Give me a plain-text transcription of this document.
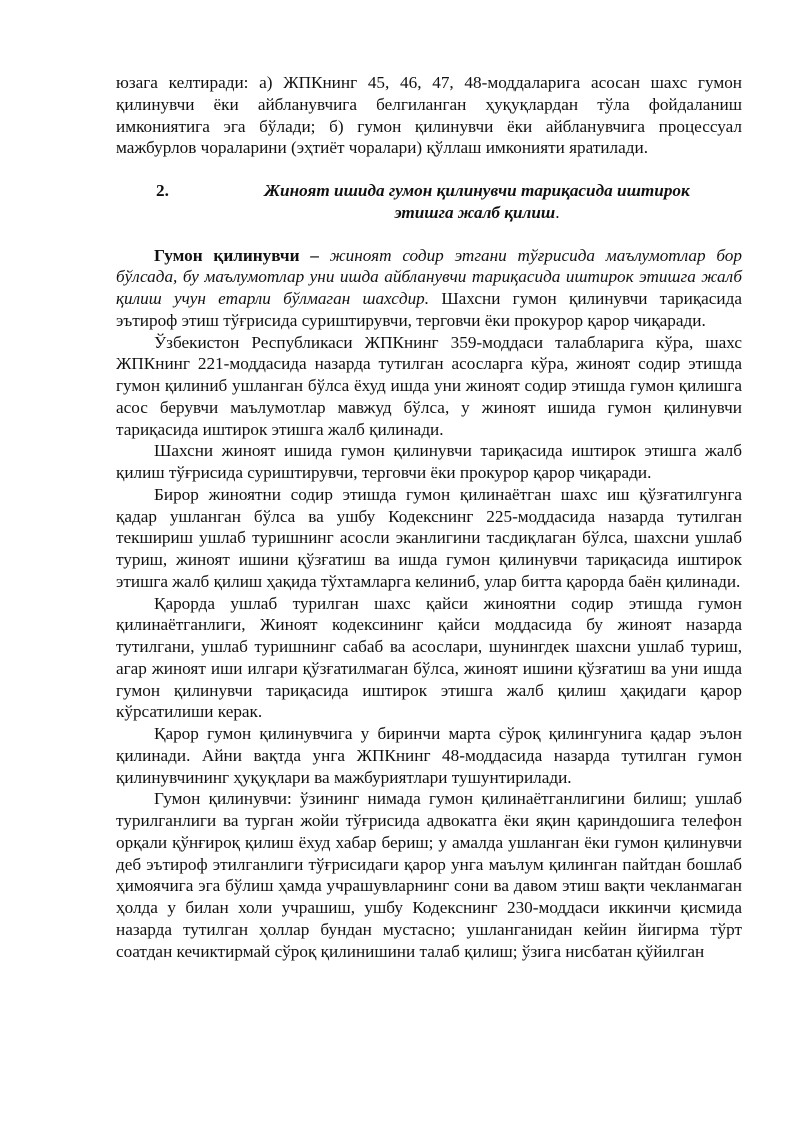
юзага келтиради: а) ЖПКнинг 45, 46, 47, 48-моддаларига асосан шахс гумон қилинувчи ёки айбланувчига белгиланган ҳуқуқлардан тўла фойдаланиш имкониятига эга бўлади; б) гумон қилинувчи ёки айбланувчига процессуал мажбурлов чораларини (эҳтиёт чоралари) қўллаш имконияти яратилади.

2.	Жиноят ишида гумон қилинувчи тариқасида иштирок этишга жалб қилиш.

Гумон қилинувчи – жиноят содир этгани тўғрисида маълумотлар бор бўлсада, бу маълумотлар уни ишда айбланувчи тариқасида иштирок этишга жалб қилиш учун етарли бўлмаган шахсдир. Шахсни гумон қилинувчи тариқасида эътироф этиш тўғрисида суриштирувчи, терговчи ёки прокурор қарор чиқаради.

Ўзбекистон Республикаси ЖПКнинг 359-моддаси талабларига кўра, шахс ЖПКнинг 221-моддасида назарда тутилган асосларга кўра, жиноят содир этишда гумон қилиниб ушланган бўлса ёхуд ишда уни жиноят содир этишда гумон қилишга асос берувчи маълумотлар мавжуд бўлса, у жиноят ишида гумон қилинувчи тариқасида иштирок этишга жалб қилинади.

Шахсни жиноят ишида гумон қилинувчи тариқасида иштирок этишга жалб қилиш тўғрисида суриштирувчи, терговчи ёки прокурор қарор чиқаради.

Бирор жиноятни содир этишда гумон қилинаётган шахс иш қўзғатилгунга қадар ушланган бўлса ва ушбу Кодекснинг 225-моддасида назарда тутилган текшириш ушлаб туришнинг асосли эканлигини тасдиқлаган бўлса, шахсни ушлаб туриш, жиноят ишини қўзғатиш ва ишда гумон қилинувчи тариқасида иштирок этишга жалб қилиш ҳақида тўхтамларга келиниб, улар битта қарорда баён қилинади.

Қарорда ушлаб турилган шахс қайси жиноятни содир этишда гумон қилинаётганлиги, Жиноят кодексининг қайси моддасида бу жиноят назарда тутилгани, ушлаб туришнинг сабаб ва асослари, шунингдек шахсни ушлаб туриш, агар жиноят иши илгари қўзғатилмаган бўлса, жиноят ишини қўзғатиш ва уни ишда гумон қилинувчи тариқасида иштирок этишга жалб қилиш ҳақидаги қарор кўрсатилиши керак.

Қарор гумон қилинувчига у биринчи марта сўроқ қилингунига қадар эълон қилинади. Айни вақтда унга ЖПКнинг 48-моддасида назарда тутилган гумон қилинувчининг ҳуқуқлари ва мажбуриятлари тушунтирилади.

Гумон қилинувчи: ўзининг нимада гумон қилинаётганлигини билиш; ушлаб турилганлиги ва турган жойи тўғрисида адвокатга ёки яқин қариндошига телефон орқали қўнғироқ қилиш ёхуд хабар бериш; у амалда ушланган ёки гумон қилинувчи деб эътироф этилганлиги тўғрисидаги қарор унга маълум қилинган пайтдан бошлаб ҳимоячига эга бўлиш ҳамда учрашувларнинг сони ва давом этиш вақти чекланмаган ҳолда у билан холи учрашиш, ушбу Кодекснинг 230-моддаси иккинчи қисмида назарда тутилган ҳоллар бундан мустасно; ушланганидан кейин йигирма тўрт соатдан кечиктирмай сўроқ қилинишини талаб қилиш; ўзига нисбатан қўйилган
